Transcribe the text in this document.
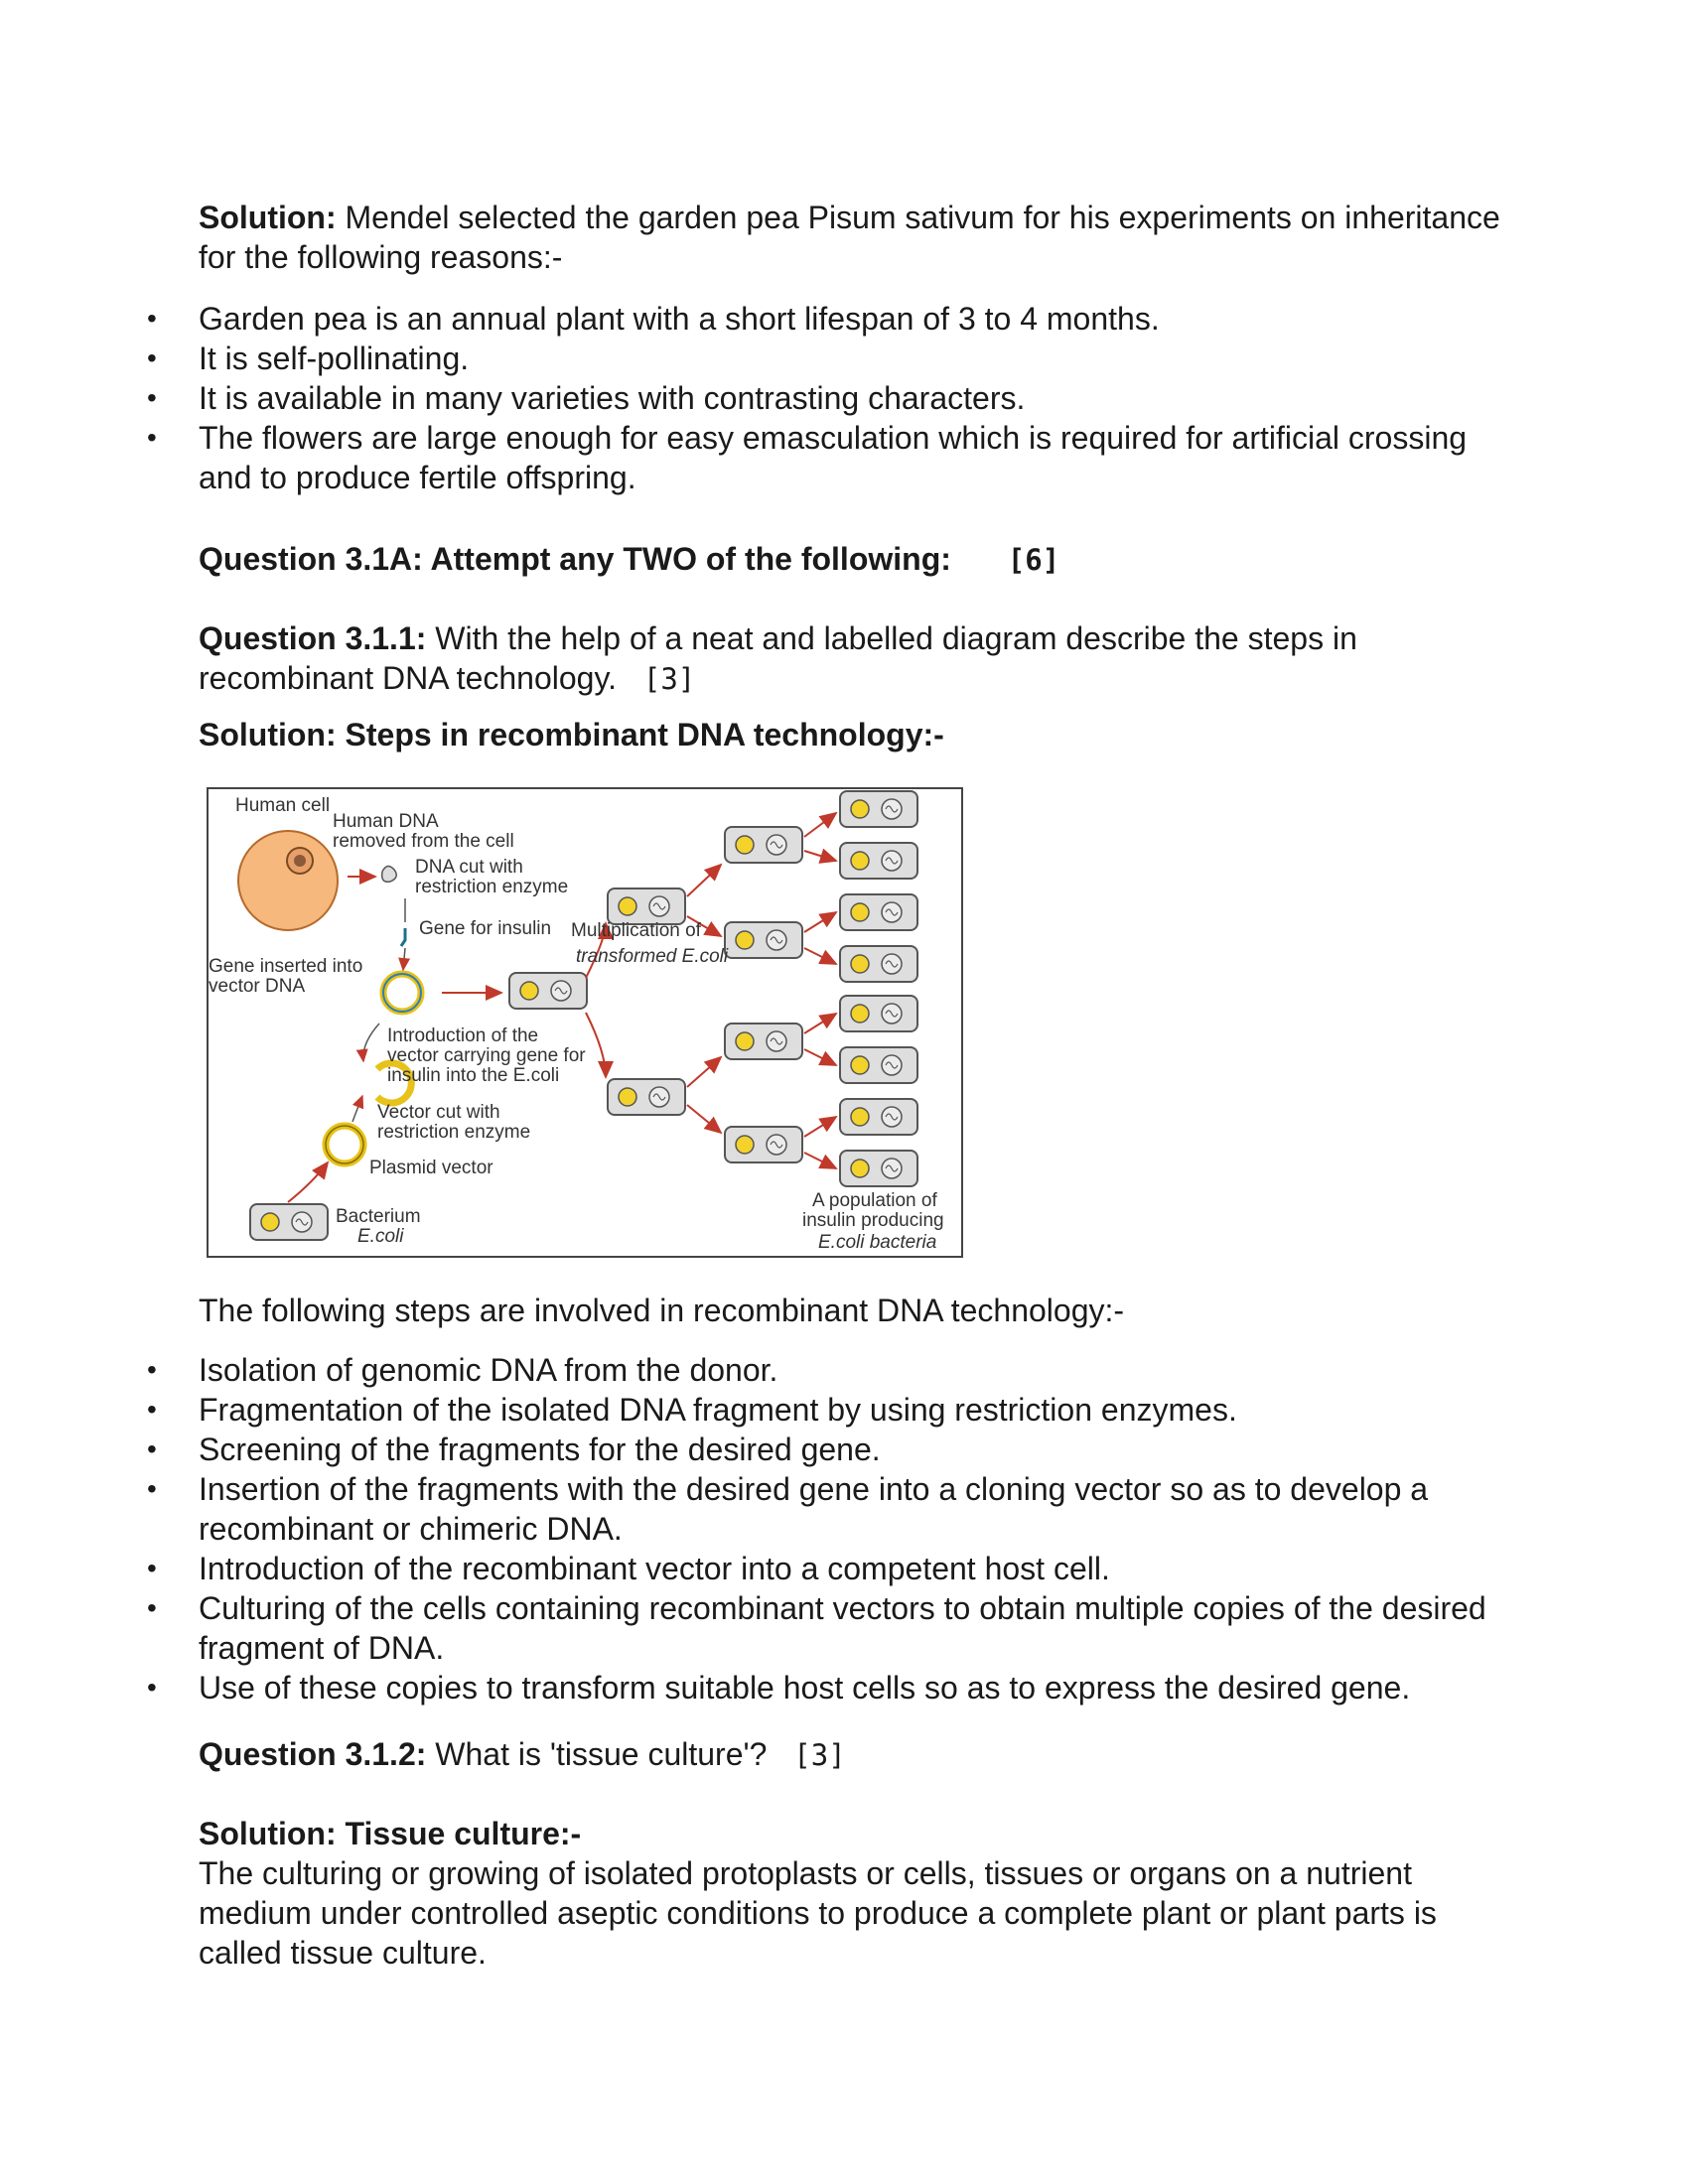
Solution: Mendel selected the garden pea Pisum sativum for his experiments on inheritance for the following reasons:-

• Garden pea is an annual plant with a short lifespan of 3 to 4 months.
• It is self-pollinating.
• It is available in many varieties with contrasting characters.
• The flowers are large enough for easy emasculation which is required for artificial crossing and to produce fertile offspring.

Question 3.1A: Attempt any TWO of the following: [6]

Question 3.1.1: With the help of a neat and labelled diagram describe the steps in recombinant DNA technology. [3]

Solution: Steps in recombinant DNA technology:-

Human cell
Human DNA
removed from the cell
DNA cut with
restriction enzyme
Gene for insulin Multiplication of
transformed E.coli
Gene inserted into
vector DNA
Introduction of the
vector carrying gene for
insulin into the E.coli
Vector cut with
restriction enzyme
Plasmid vector
Bacterium
E.coli
A population of
insulin producing
E.coli bacteria

The following steps are involved in recombinant DNA technology:-

• Isolation of genomic DNA from the donor.
• Fragmentation of the isolated DNA fragment by using restriction enzymes.
• Screening of the fragments for the desired gene.
• Insertion of the fragments with the desired gene into a cloning vector so as to develop a recombinant or chimeric DNA.
• Introduction of the recombinant vector into a competent host cell.
• Culturing of the cells containing recombinant vectors to obtain multiple copies of the desired fragment of DNA.
• Use of these copies to transform suitable host cells so as to express the desired gene.

Question 3.1.2: What is 'tissue culture'? [3]

Solution: Tissue culture:-

The culturing or growing of isolated protoplasts or cells, tissues or organs on a nutrient medium under controlled aseptic conditions to produce a complete plant or plant parts is called tissue culture.
